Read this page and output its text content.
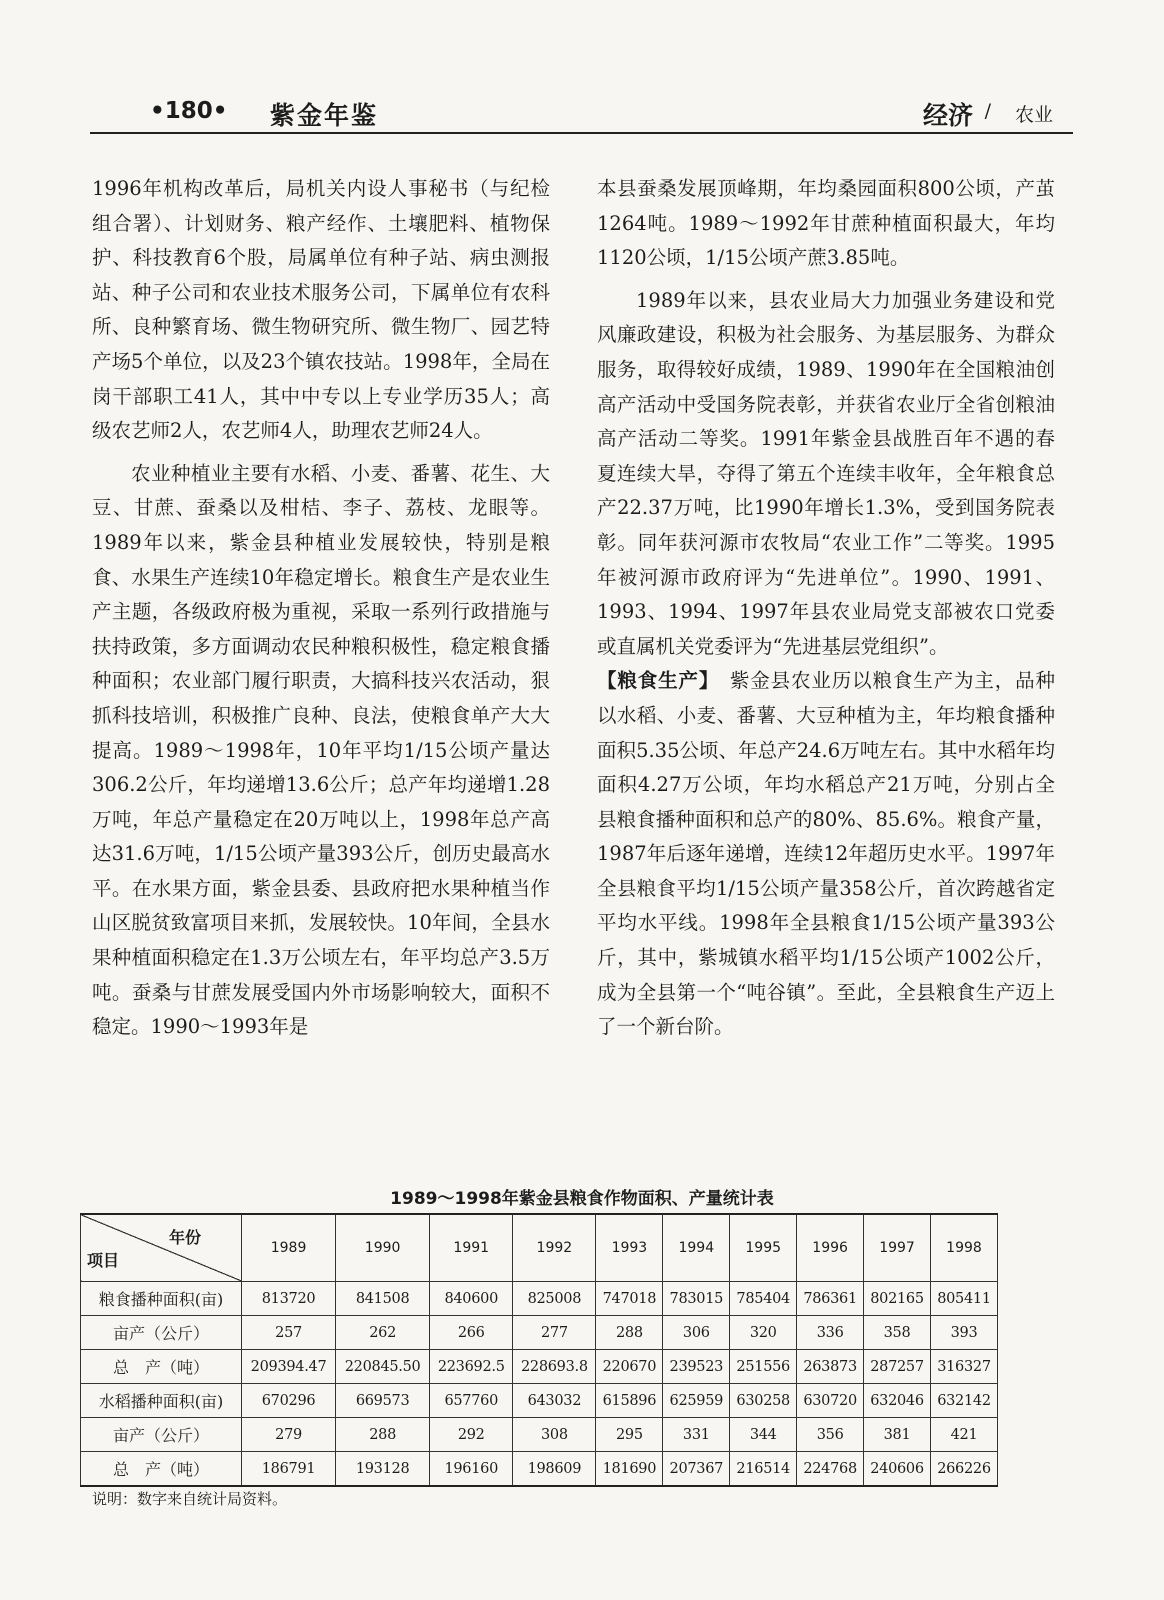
•180• 紫金年鉴	经济 / 农业

1996年机构改革后，局机关内设人事秘书（与纪检组合署）、计划财务、粮产经作、土壤肥料、植物保护、科技教育6个股，局属单位有种子站、病虫测报站、种子公司和农业技术服务公司，下属单位有农科所、良种繁育场、微生物研究所、微生物厂、园艺特产场5个单位，以及23个镇农技站。1998年，全局在岗干部职工41人，其中中专以上专业学历35人；高级农艺师2人，农艺师4人，助理农艺师24人。

农业种植业主要有水稻、小麦、番薯、花生、大豆、甘蔗、蚕桑以及柑桔、李子、荔枝、龙眼等。1989年以来，紫金县种植业发展较快，特别是粮食、水果生产连续10年稳定增长。粮食生产是农业生产主题，各级政府极为重视，采取一系列行政措施与扶持政策，多方面调动农民种粮积极性，稳定粮食播种面积；农业部门履行职责，大搞科技兴农活动，狠抓科技培训，积极推广良种、良法，使粮食单产大大提高。1989～1998年，10年平均1/15公顷产量达306.2公斤，年均递增13.6公斤；总产年均递增1.28万吨，年总产量稳定在20万吨以上，1998年总产高达31.6万吨，1/15公顷产量393公斤，创历史最高水平。在水果方面，紫金县委、县政府把水果种植当作山区脱贫致富项目来抓，发展较快。10年间，全县水果种植面积稳定在1.3万公顷左右，年平均总产3.5万吨。蚕桑与甘蔗发展受国内外市场影响较大，面积不稳定。1990～1993年是

本县蚕桑发展顶峰期，年均桑园面积800公顷，产茧1264吨。1989～1992年甘蔗种植面积最大，年均1120公顷，1/15公顷产蔗3.85吨。

1989年以来，县农业局大力加强业务建设和党风廉政建设，积极为社会服务、为基层服务、为群众服务，取得较好成绩，1989、1990年在全国粮油创高产活动中受国务院表彰，并获省农业厅全省创粮油高产活动二等奖。1991年紫金县战胜百年不遇的春夏连续大旱，夺得了第五个连续丰收年，全年粮食总产22.37万吨，比1990年增长1.3%，受到国务院表彰。同年获河源市农牧局“农业工作”二等奖。1995年被河源市政府评为“先进单位”。1990、1991、1993、1994、1997年县农业局党支部被农口党委或直属机关党委评为“先进基层党组织”。

【粮食生产】　紫金县农业历以粮食生产为主，品种以水稻、小麦、番薯、大豆种植为主，年均粮食播种面积5.35公顷、年总产24.6万吨左右。其中水稻年均面积4.27万公顷，年均水稻总产21万吨，分别占全县粮食播种面积和总产的80%、85.6%。粮食产量，1987年后逐年递增，连续12年超历史水平。1997年全县粮食平均1/15公顷产量358公斤，首次跨越省定平均水平线。1998年全县粮食1/15公顷产量393公斤，其中，紫城镇水稻平均1/15公顷产1002公斤，成为全县第一个“吨谷镇”。至此，全县粮食生产迈上了一个新台阶。

1989～1998年紫金县粮食作物面积、产量统计表
年份
项目	1989	1990	1991	1992	1993	1994	1995	1996	1997	1998
粮食播种面积(亩)	813720	841508	840600	825008	747018	783015	785404	786361	802165	805411
亩产（公斤）	257	262	266	277	288	306	320	336	358	393
总　产（吨）	209394.47	220845.50	223692.5	228693.8	220670	239523	251556	263873	287257	316327
水稻播种面积(亩)	670296	669573	657760	643032	615896	625959	630258	630720	632046	632142
亩产（公斤）	279	288	292	308	295	331	344	356	381	421
总　产（吨）	186791	193128	196160	198609	181690	207367	216514	224768	240606	266226
说明：数字来自统计局资料。
